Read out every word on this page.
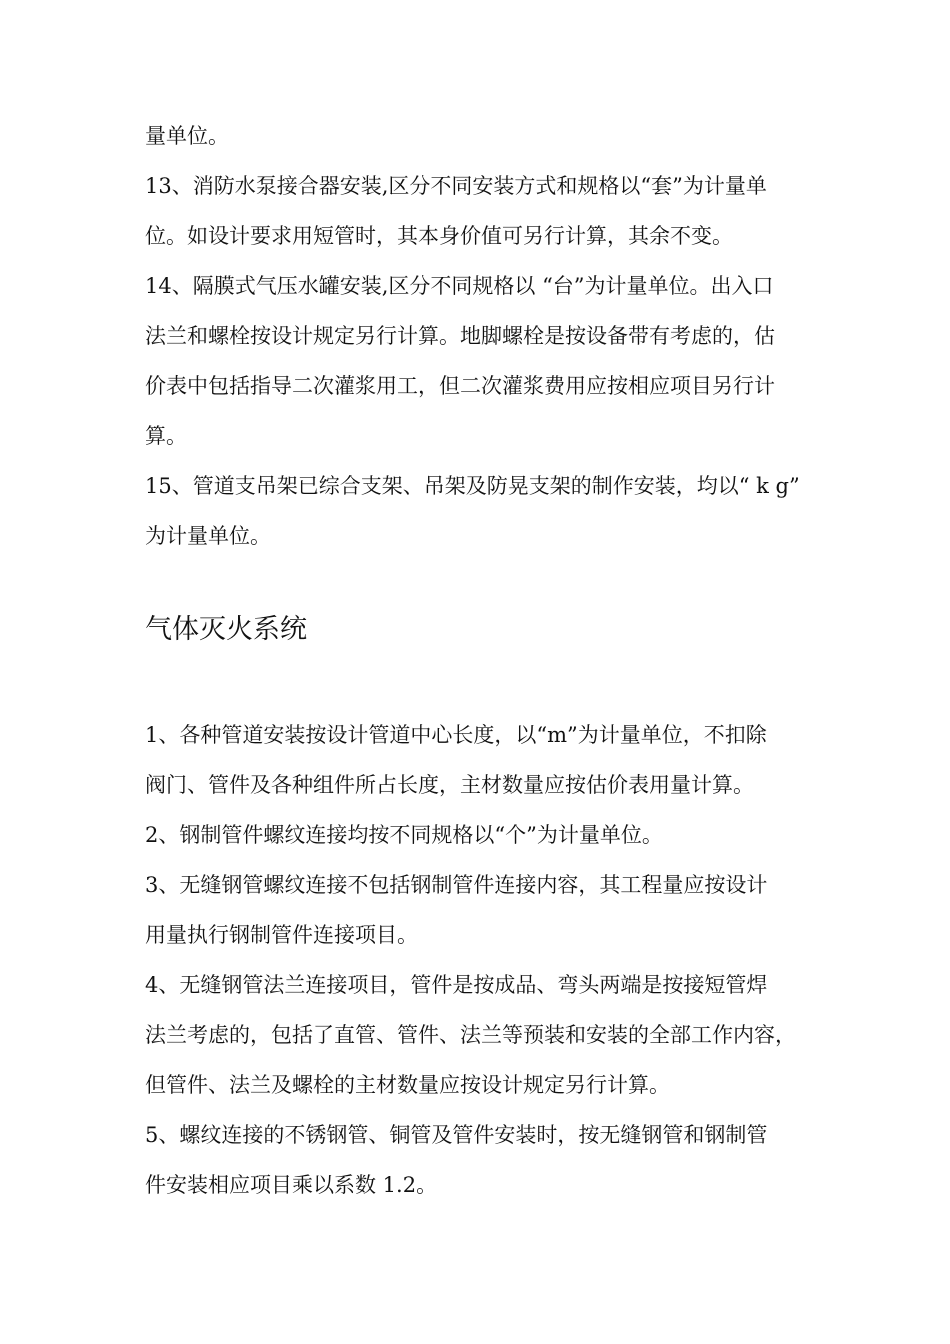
量单位。
13、消防水泵接合器安装,区分不同安装方式和规格以“套”为计量单
位。如设计要求用短管时，其本身价值可另行计算，其余不变。
14、隔膜式气压水罐安装,区分不同规格以 “台”为计量单位。出入口
法兰和螺栓按设计规定另行计算。地脚螺栓是按设备带有考虑的，估
价表中包括指导二次灌浆用工，但二次灌浆费用应按相应项目另行计
算。
15、管道支吊架已综合支架、吊架及防晃支架的制作安装，均以“ k g”
为计量单位。
气体灭火系统
1、各种管道安装按设计管道中心长度，以“m”为计量单位，不扣除
阀门、管件及各种组件所占长度，主材数量应按估价表用量计算。
2、钢制管件螺纹连接均按不同规格以“个”为计量单位。
3、无缝钢管螺纹连接不包括钢制管件连接内容，其工程量应按设计
用量执行钢制管件连接项目。
4、无缝钢管法兰连接项目，管件是按成品、弯头两端是按接短管焊
法兰考虑的，包括了直管、管件、法兰等预装和安装的全部工作内容，
但管件、法兰及螺栓的主材数量应按设计规定另行计算。
5、螺纹连接的不锈钢管、铜管及管件安装时，按无缝钢管和钢制管
件安装相应项目乘以系数 1.2。
